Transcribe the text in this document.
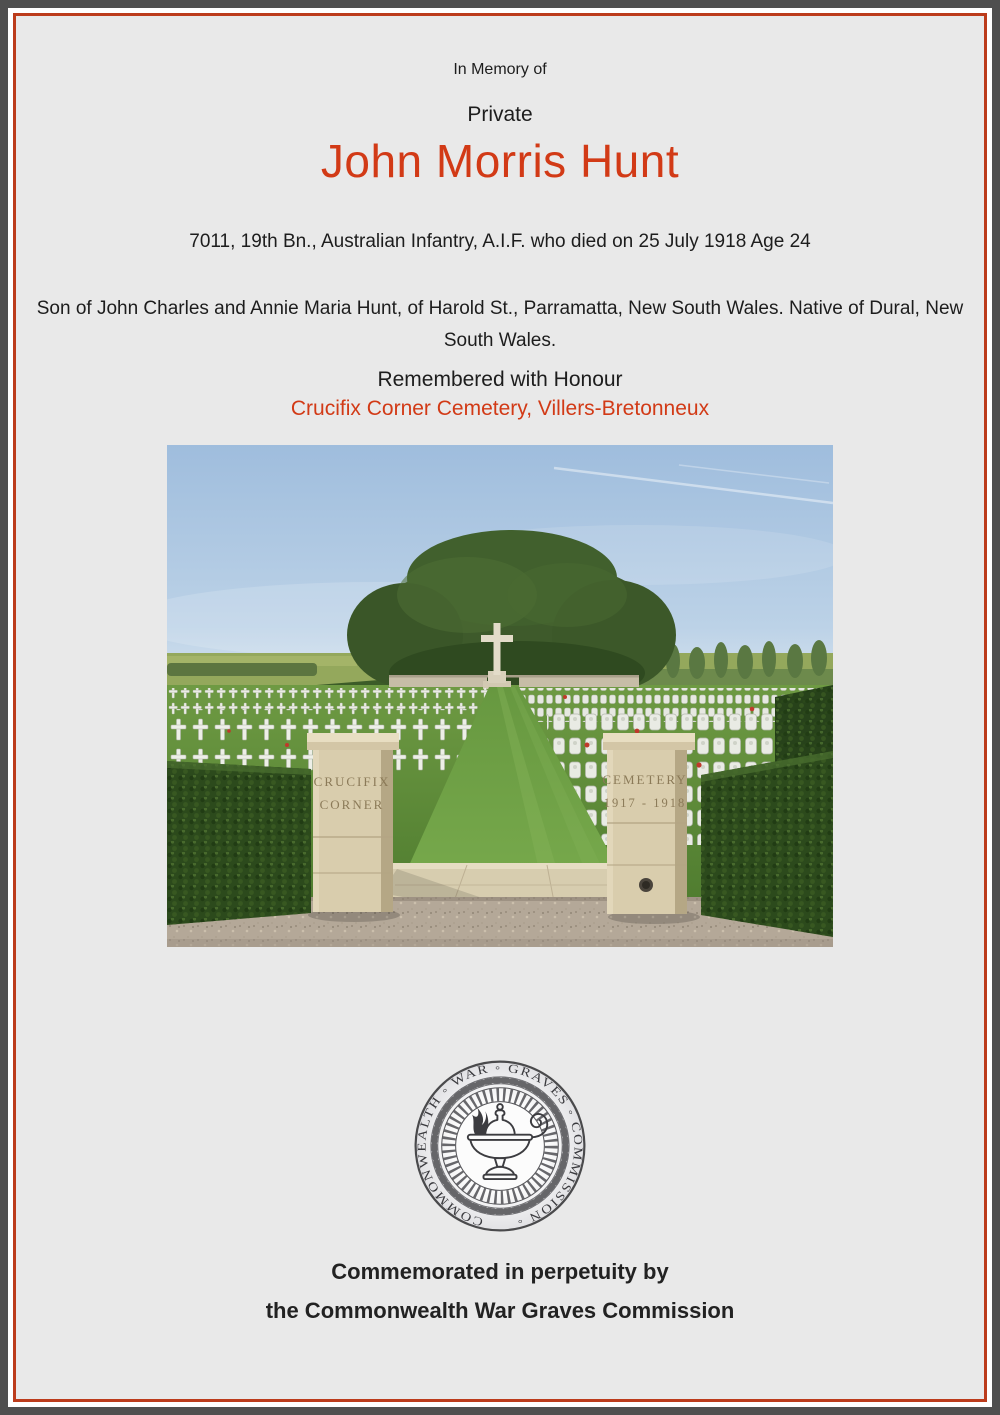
In Memory of
Private
John Morris Hunt
7011, 19th Bn., Australian Infantry, A.I.F. who died on 25 July 1918 Age 24
Son of John Charles and Annie Maria Hunt, of Harold St., Parramatta, New South Wales. Native of Dural, New South Wales.
Remembered with Honour
Crucifix Corner Cemetery, Villers-Bretonneux
CRUCIFIX
CORNER
CEMETERY
1917 - 1918
COMMONWEALTH ◦ WAR ◦ GRAVES ◦ COMMISSION ◦
Commemorated in perpetuity by
the Commonwealth War Graves Commission
